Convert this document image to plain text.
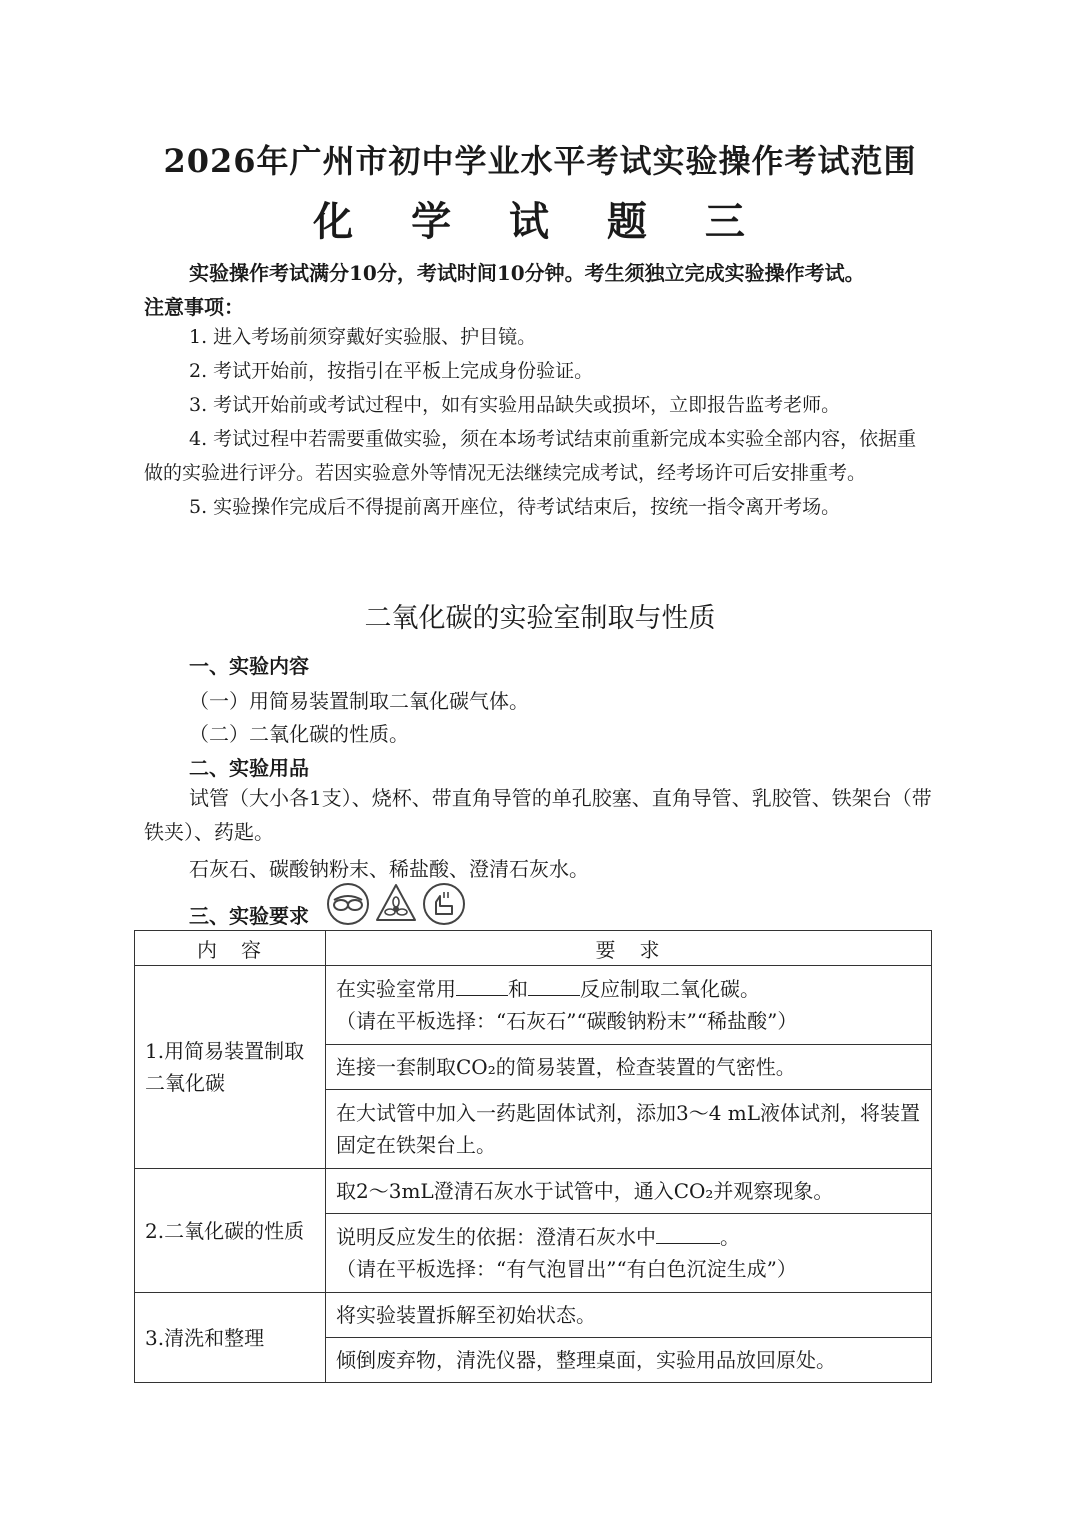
2026年广州市初中学业水平考试实验操作考试范围
化 学 试 题 三
实验操作考试满分10分，考试时间10分钟。考生须独立完成实验操作考试。
注意事项：

1. 进入考场前须穿戴好实验服、护目镜。

2. 考试开始前，按指引在平板上完成身份验证。

3. 考试开始前或考试过程中，如有实验用品缺失或损坏，立即报告监考老师。

4. 考试过程中若需要重做实验，须在本场考试结束前重新完成本实验全部内容，依据重做的实验进行评分。若因实验意外等情况无法继续完成考试，经考场许可后安排重考。

5. 实验操作完成后不得提前离开座位，待考试结束后，按统一指令离开考场。

二氧化碳的实验室制取与性质
一、实验内容
（一）用简易装置制取二氧化碳气体。
（二）二氧化碳的性质。
二、实验用品
试管（大小各1支）、烧杯、带直角导管的单孔胶塞、直角导管、乳胶管、铁架台（带铁夹）、药匙。
石灰石、碳酸钠粉末、稀盐酸、澄清石灰水。
三、实验要求
内　容	要　求
1.用简易装置制取二氧化碳	在实验室常用 和 反应制取二氧化碳。
（请在平板选择：“石灰石”“碳酸钠粉末”“稀盐酸”）

	连接一套制取CO₂的简易装置，检查装置的气密性。
	在大试管中加入一药匙固体试剂，添加3～4 mL液体试剂，将装置固定在铁架台上。
2.二氧化碳的性质	取2～3mL澄清石灰水于试管中，通入CO₂并观察现象。

	说明反应发生的依据：澄清石灰水中 。
（请在平板选择：“有气泡冒出”“有白色沉淀生成”）

3.清洗和整理	将实验装置拆解至初始状态。
	倾倒废弃物，清洗仪器，整理桌面，实验用品放回原处。
